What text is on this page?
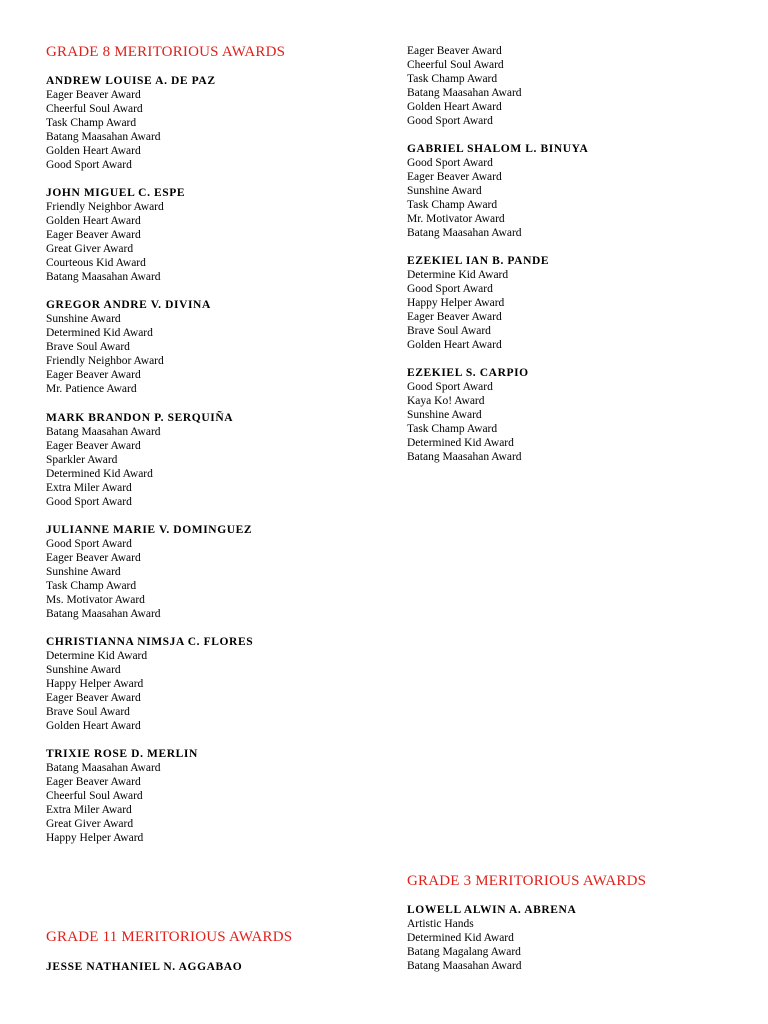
GRADE 8 MERITORIOUS AWARDS

ANDREW LOUISE A. DE PAZ

Eager Beaver Award

Cheerful Soul Award

Task Champ Award

Batang Maasahan Award

Golden Heart Award

Good Sport Award

JOHN MIGUEL C. ESPE

Friendly Neighbor Award

Golden Heart Award

Eager Beaver Award

Great Giver Award

Courteous Kid Award

Batang Maasahan Award

GREGOR ANDRE V. DIVINA

Sunshine Award

Determined Kid Award

Brave Soul Award

Friendly Neighbor Award

Eager Beaver Award

Mr. Patience Award

MARK BRANDON P. SERQUIÑA

Batang Maasahan Award

Eager Beaver Award

Sparkler Award

Determined Kid Award

Extra Miler Award

Good Sport Award

JULIANNE MARIE V. DOMINGUEZ

Good Sport Award

Eager Beaver Award

Sunshine Award

Task Champ Award

Ms. Motivator Award

Batang Maasahan Award

CHRISTIANNA NIMSJA C. FLORES

Determine Kid Award

Sunshine Award

Happy Helper Award

Eager Beaver Award

Brave Soul Award

Golden Heart Award

TRIXIE ROSE D. MERLIN

Batang Maasahan Award

Eager Beaver Award

Cheerful Soul Award

Extra Miler Award

Great Giver Award

Happy Helper Award

GRADE 11 MERITORIOUS AWARDS

JESSE NATHANIEL N. AGGABAO

Eager Beaver Award

Cheerful Soul Award

Task Champ Award

Batang Maasahan Award

Golden Heart Award

Good Sport Award

GABRIEL SHALOM L. BINUYA

Good Sport Award

Eager Beaver Award

Sunshine Award

Task Champ Award

Mr. Motivator Award

Batang Maasahan Award

EZEKIEL IAN B. PANDE

Determine Kid Award

Good Sport Award

Happy Helper Award

Eager Beaver Award

Brave Soul Award

Golden Heart Award

EZEKIEL S. CARPIO

Good Sport Award

Kaya Ko! Award

Sunshine Award

Task Champ Award

Determined Kid Award

Batang Maasahan Award

GRADE 3 MERITORIOUS AWARDS

LOWELL ALWIN A. ABRENA

Artistic Hands

Determined Kid Award

Batang Magalang Award

Batang Maasahan Award
